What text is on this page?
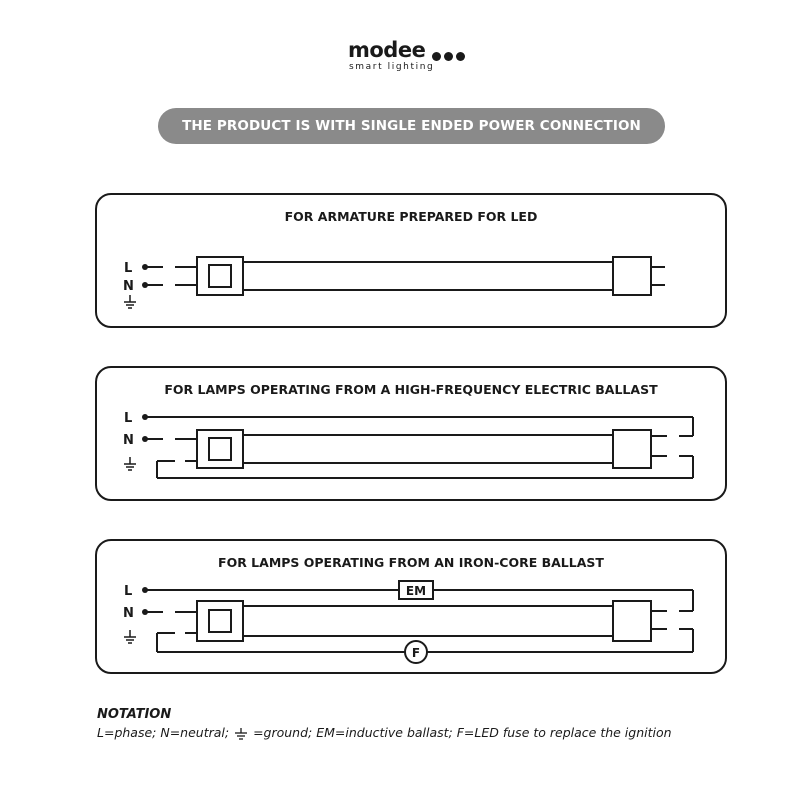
modee
smart lighting
THE PRODUCT IS WITH SINGLE ENDED POWER CONNECTION
FOR ARMATURE PREPARED FOR LED
L
N
FOR LAMPS OPERATING FROM A HIGH-FREQUENCY ELECTRIC BALLAST
L
N
FOR LAMPS OPERATING FROM AN IRON-CORE BALLAST
EM
F
L
N
NOTATION
L=phase; N=neutral; =ground; EM=inductive ballast; F=LED fuse to replace the ignition
